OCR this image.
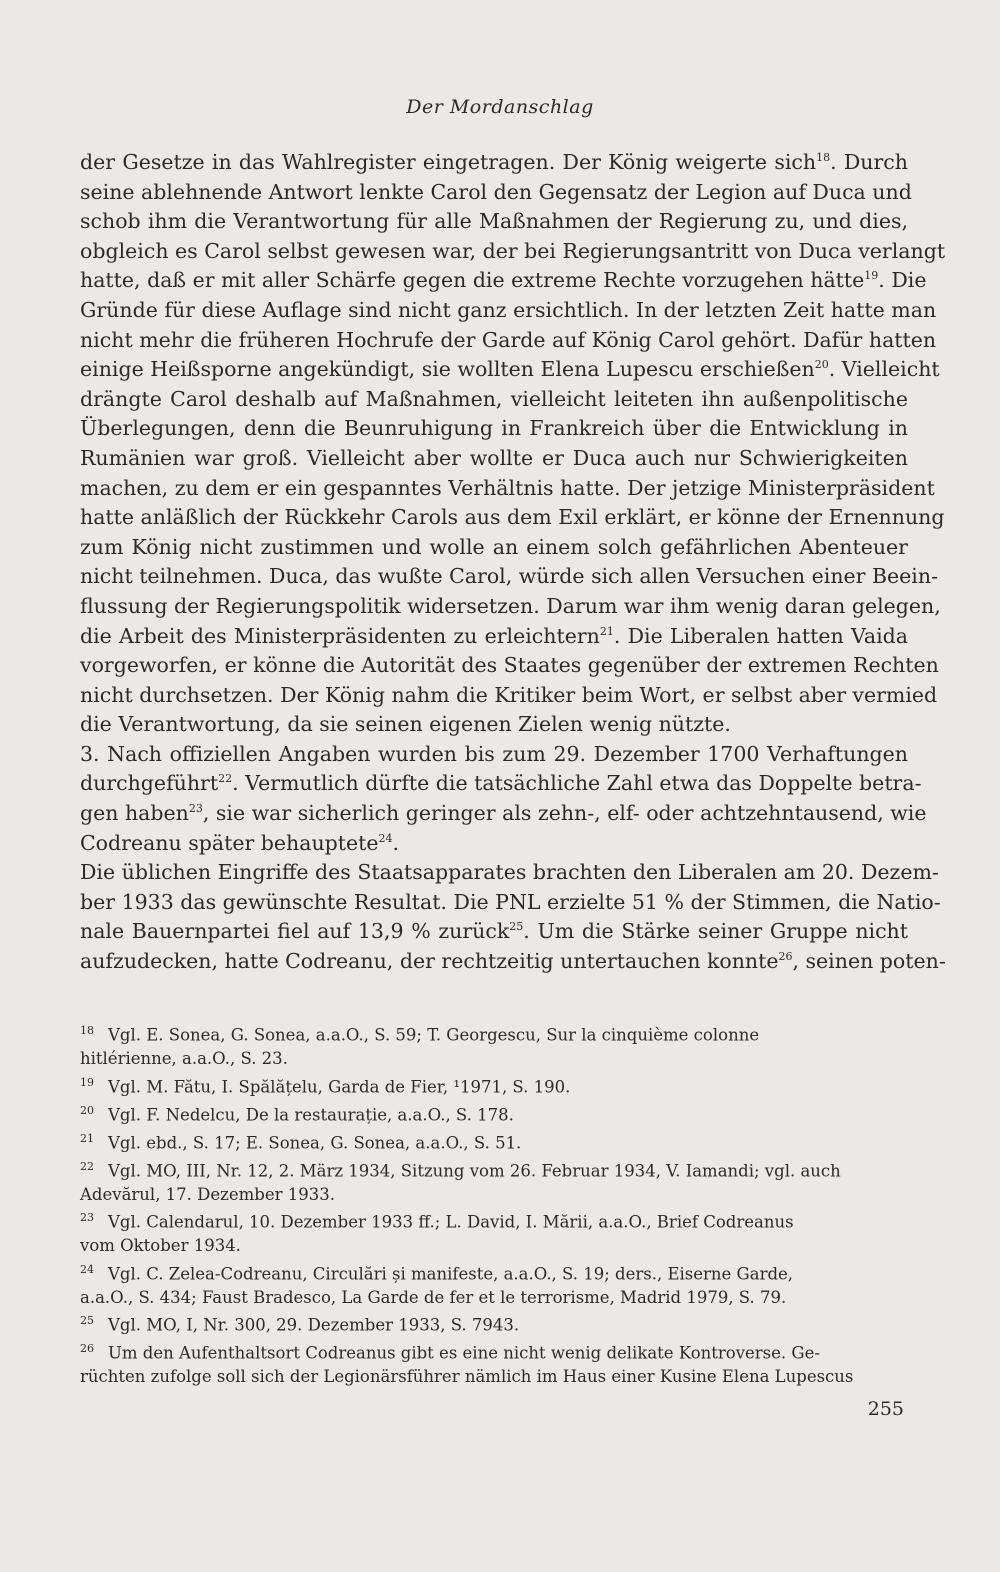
Der Mordanschlag
der Gesetze in das Wahlregister eingetragen. Der König weigerte sich$^{18}$. Durch
seine ablehnende Antwort lenkte Carol den Gegensatz der Legion auf Duca und
schob ihm die Verantwortung für alle Maßnahmen der Regierung zu, und dies,
obgleich es Carol selbst gewesen war, der bei Regierungsantritt von Duca verlangt
hatte, daß er mit aller Schärfe gegen die extreme Rechte vorzugehen hätte$^{19}$. Die
Gründe für diese Auflage sind nicht ganz ersichtlich. In der letzten Zeit hatte man
nicht mehr die früheren Hochrufe der Garde auf König Carol gehört. Dafür hatten
einige Heißsporne angekündigt, sie wollten Elena Lupescu erschießen$^{20}$. Vielleicht
drängte Carol deshalb auf Maßnahmen, vielleicht leiteten ihn außenpolitische
Überlegungen, denn die Beunruhigung in Frankreich über die Entwicklung in
Rumänien war groß. Vielleicht aber wollte er Duca auch nur Schwierigkeiten
machen, zu dem er ein gespanntes Verhältnis hatte. Der jetzige Ministerpräsident
hatte anläßlich der Rückkehr Carols aus dem Exil erklärt, er könne der Ernennung
zum König nicht zustimmen und wolle an einem solch gefährlichen Abenteuer
nicht teilnehmen. Duca, das wußte Carol, würde sich allen Versuchen einer Beein-
flussung der Regierungspolitik widersetzen. Darum war ihm wenig daran gelegen,
die Arbeit des Ministerpräsidenten zu erleichtern$^{21}$. Die Liberalen hatten Vaida
vorgeworfen, er könne die Autorität des Staates gegenüber der extremen Rechten
nicht durchsetzen. Der König nahm die Kritiker beim Wort, er selbst aber vermied
die Verantwortung, da sie seinen eigenen Zielen wenig nützte.
3. Nach offiziellen Angaben wurden bis zum 29. Dezember 1700 Verhaftungen
durchgeführt$^{22}$. Vermutlich dürfte die tatsächliche Zahl etwa das Doppelte betra-
gen haben$^{23}$, sie war sicherlich geringer als zehn-, elf- oder achtzehntausend, wie
Codreanu später behauptete$^{24}$.
Die üblichen Eingriffe des Staatsapparates brachten den Liberalen am 20. Dezem-
ber 1933 das gewünschte Resultat. Die PNL erzielte 51 % der Stimmen, die Natio-
nale Bauernpartei fiel auf 13,9 % zurück$^{25}$. Um die Stärke seiner Gruppe nicht
aufzudecken, hatte Codreanu, der rechtzeitig untertauchen konnte$^{26}$, seinen poten-
$^{18}$ Vgl. E. Sonea, G. Sonea, a.a.O., S. 59; T. Georgescu, Sur la cinquième colonne
hitlérienne, a.a.O., S. 23.
$^{19}$ Vgl. M. Fătu, I. Spălățelu, Garda de Fier, ¹1971, S. 190.
$^{20}$ Vgl. F. Nedelcu, De la restaurație, a.a.O., S. 178.
$^{21}$ Vgl. ebd., S. 17; E. Sonea, G. Sonea, a.a.O., S. 51.
$^{22}$ Vgl. MO, III, Nr. 12, 2. März 1934, Sitzung vom 26. Februar 1934, V. Iamandi; vgl. auch
Adevărul, 17. Dezember 1933.
$^{23}$ Vgl. Calendarul, 10. Dezember 1933 ff.; L. David, I. Mării, a.a.O., Brief Codreanus
vom Oktober 1934.
$^{24}$ Vgl. C. Zelea-Codreanu, Circulări și manifeste, a.a.O., S. 19; ders., Eiserne Garde,
a.a.O., S. 434; Faust Bradesco, La Garde de fer et le terrorisme, Madrid 1979, S. 79.
$^{25}$ Vgl. MO, I, Nr. 300, 29. Dezember 1933, S. 7943.
$^{26}$ Um den Aufenthaltsort Codreanus gibt es eine nicht wenig delikate Kontroverse. Ge-
rüchten zufolge soll sich der Legionärsführer nämlich im Haus einer Kusine Elena Lupescus
255
